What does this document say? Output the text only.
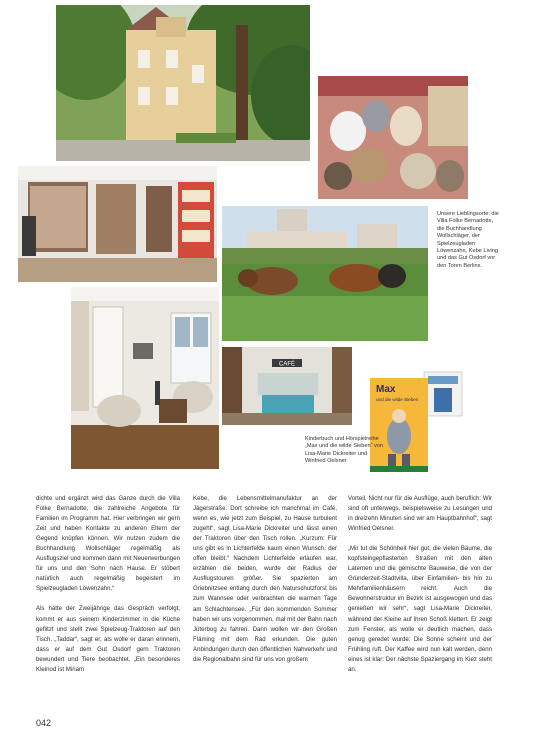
Unsere Lieblingsorte: die Villa Folke Bernadotte, die Buchhandlung Wollschläger, der Spielzeugladen Löwenzahn, Kebe Living und das Gut Osdorf vor den Toren Berlins.
CAFÉ
Max
und die wilde Sieben
Kinderbuch und Hörspielreihe „Max und die wilde Sieben“ von Lisa-Marie Dickreiter und Winfried Oelsner

dichte und ergänzt wird das Ganze durch die Villa Folke Bernadotte, die zahlreiche Angebote für Familien im Programm hat. Hier verbringen wir gern Zeit und haben Kontakte zu anderen Eltern der Gegend knüpfen können. Wir nutzen zudem die Buchhandlung Wollschläger regelmäßig als Ausflugsziel und kommen dann mit Neuerwerbungen für uns und den Sohn nach Hause. Er stöbert natürlich auch regelmäßig begeistert im Spielzeugladen Löwenzahn.“

Als hätte der Zweijährige das Gespräch verfolgt, kommt er aus seinem Kinderzimmer in die Küche geflitzt und stellt zwei Spielzeug-Traktoren auf den Tisch. „Taddar“, sagt er, als wolle er daran erinnern, dass er auf dem Gut Osdorf gern Traktoren bewundert und Tiere beobachtet. „Ein besonderes Kleinod ist Miriam

Kebe, die Lebensmittelmanufaktur an der Jägerstraße. Dort schreibe ich manchmal im Café, wenn es, wie jetzt zum Beispiel, zu Hause turbulent zugeht“, sagt Lisa-Marie Dickreiter und lässt einen der Traktoren über den Tisch rollen. „Kurzum: Für uns gibt es in Lichterfelde kaum einen Wunsch, der offen bleibt.“ Nachdem Lichterfelde erlaufen war, erzählen die beiden, wurde der Radius der Ausflugstouren größer. Sie spazierten am Griebnitzsee entlang durch den Naturschutzforst bis zum Wannsee oder verbrachten die warmen Tage am Schlachtensee. „Für den kommenden Sommer haben wir uns vorgenommen, mal mit der Bahn nach Jüterbog zu fahren. Dann wollen wir den Großen Fläming mit dem Rad erkunden. Die guten Anbindungen durch den öffentlichen Nahverkehr und die Regionalbahn sind für uns von großem

Vorteil. Nicht nur für die Ausflüge, auch beruflich: Wir sind oft unterwegs, beispielsweise zu Lesungen und in dreizehn Minuten sind wir am Hauptbahnhof“, sagt Winfried Oelsner.

„Mir tut die Schönheit hier gut, die vielen Bäume, die kopfsteingepflasterten Straßen mit den alten Laternen und die gemischte Bauweise, die von der Gründerzeit-Stadtvilla, über Einfamilien- bis hin zu Mehrfamilienhäusern reicht. Auch die Bewohnerstruktur im Bezirk ist ausgewogen und das genießen wir sehr“, sagt Lisa-Marie Dickreiter, während der Kleine auf ihren Schoß klettert. Er zeigt zum Fenster, als wolle er deutlich machen, dass genug geredet wurde: Die Sonne scheint und der Frühling ruft. Der Kaffee wird nun kalt werden, denn eines ist klar: Der nächste Spaziergang im Kiez steht an.

042
